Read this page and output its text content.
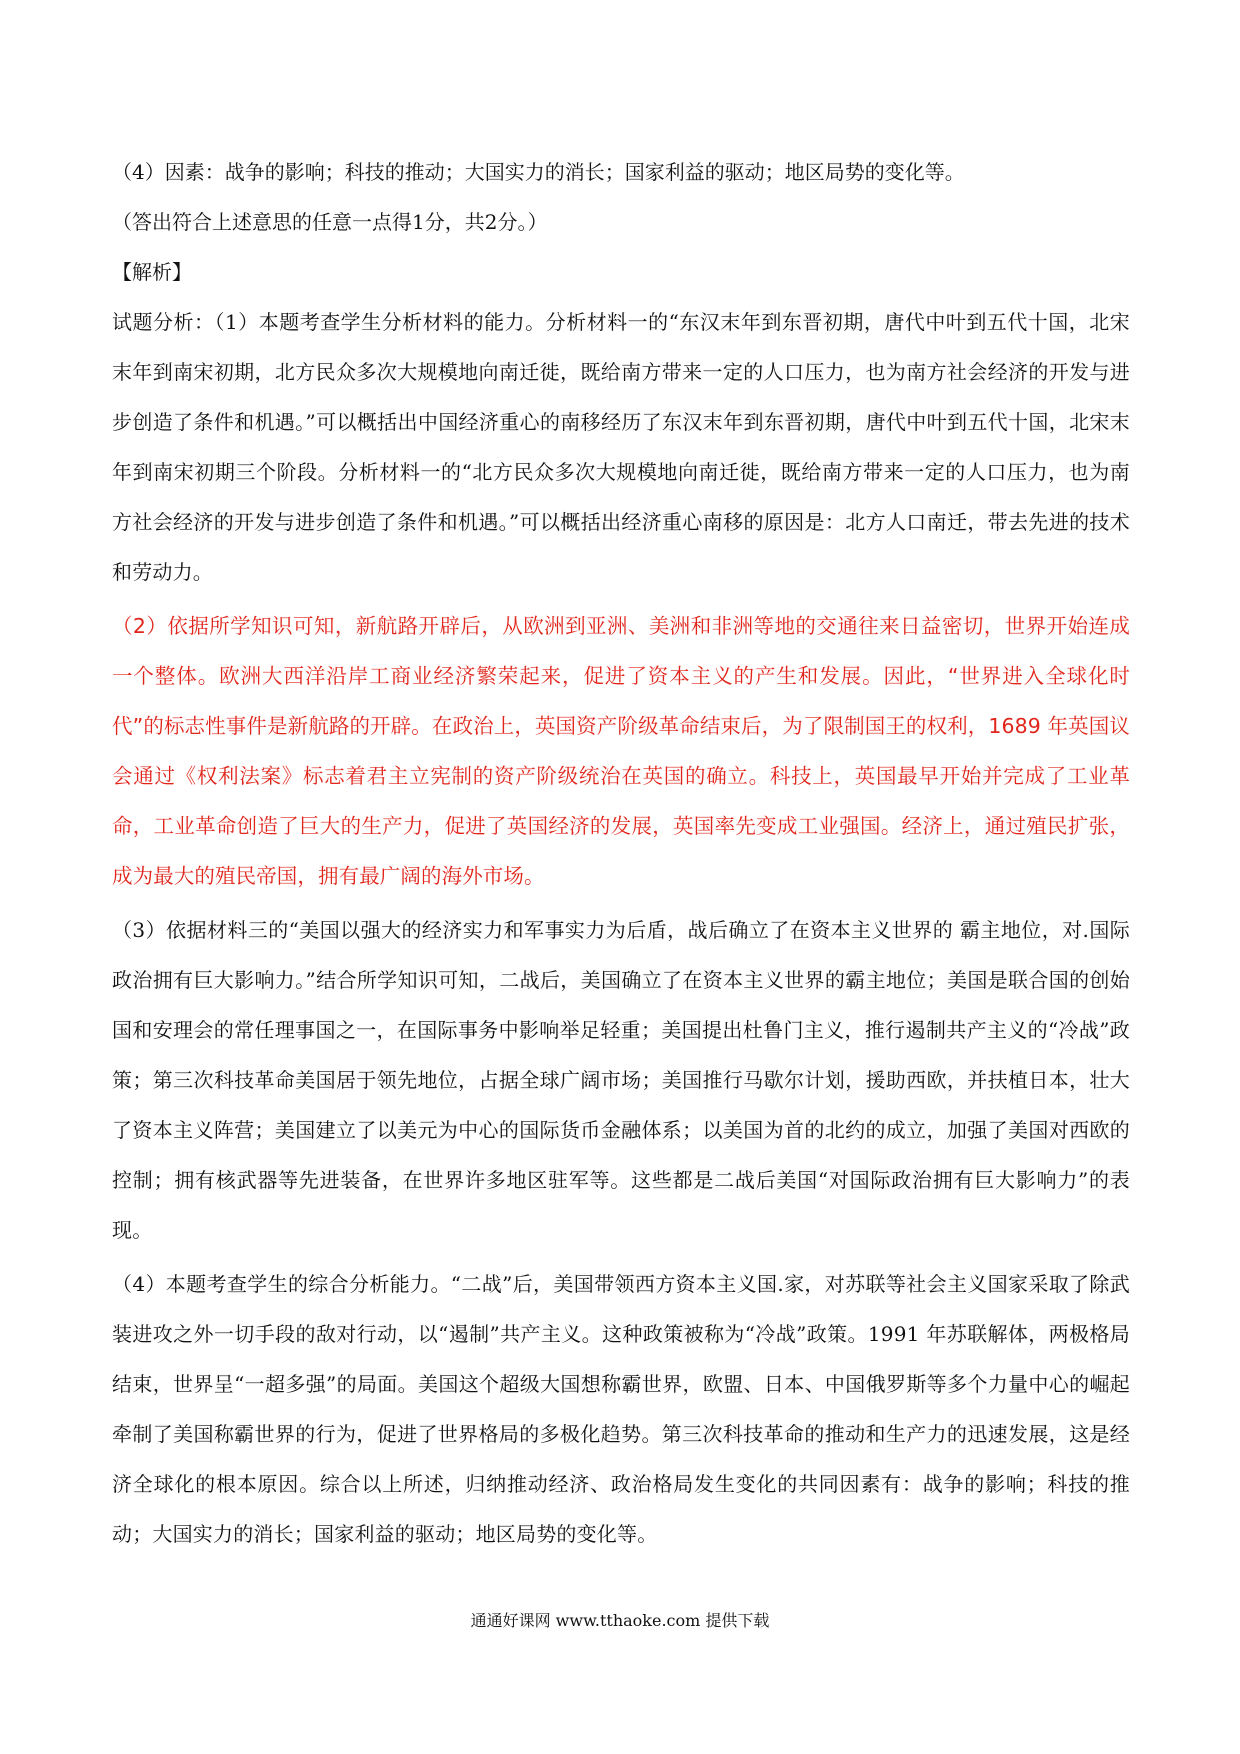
（4）因素：战争的影响；科技的推动；大国实力的消长；国家利益的驱动；地区局势的变化等。
（答出符合上述意思的任意一点得1分，共2分。）
【解析】

试题分析：（1）本题考查学生分析材料的能力。分析材料一的“东汉末年到东晋初期，唐代中叶到五代十国，北宋末年到南宋初期，北方民众多次大规模地向南迁徙，既给南方带来一定的人口压力，也为南方社会经济的开发与进步创造了条件和机遇。”可以概括出中国经济重心的南移经历了东汉末年到东晋初期，唐代中叶到五代十国，北宋末年到南宋初期三个阶段。分析材料一的“北方民众多次大规模地向南迁徙，既给南方带来一定的人口压力，也为南方社会经济的开发与进步创造了条件和机遇。”可以概括出经济重心南移的原因是：北方人口南迁，带去先进的技术和劳动力。

（2）依据所学知识可知，新航路开辟后，从欧洲到亚洲、美洲和非洲等地的交通往来日益密切，世界开始连成一个整体。欧洲大西洋沿岸工商业经济繁荣起来，促进了资本主义的产生和发展。因此，“世界进入全球化时代”的标志性事件是新航路的开辟。在政治上，英国资产阶级革命结束后，为了限制国王的权利，1689 年英国议会通过《权利法案》标志着君主立宪制的资产阶级统治在英国的确立。科技上，英国最早开始并完成了工业革命，工业革命创造了巨大的生产力，促进了英国经济的发展，英国率先变成工业强国。经济上，通过殖民扩张，成为最大的殖民帝国，拥有最广阔的海外市场。

（3）依据材料三的“美国以强大的经济实力和军事实力为后盾，战后确立了在资本主义世界的 霸主地位，对.国际政治拥有巨大影响力。”结合所学知识可知，二战后，美国确立了在资本主义世界的霸主地位；美国是联合国的创始国和安理会的常任理事国之一，在国际事务中影响举足轻重；美国提出杜鲁门主义，推行遏制共产主义的“冷战”政策；第三次科技革命美国居于领先地位，占据全球广阔市场；美国推行马歇尔计划，援助西欧，并扶植日本，壮大了资本主义阵营；美国建立了以美元为中心的国际货币金融体系；以美国为首的北约的成立，加强了美国对西欧的控制；拥有核武器等先进装备，在世界许多地区驻军等。这些都是二战后美国“对国际政治拥有巨大影响力”的表现。

（4）本题考查学生的综合分析能力。“二战”后，美国带领西方资本主义国.家，对苏联等社会主义国家采取了除武装进攻之外一切手段的敌对行动，以“遏制”共产主义。这种政策被称为“冷战”政策。1991 年苏联解体，两极格局结束，世界呈“一超多强”的局面。美国这个超级大国想称霸世界，欧盟、日本、中国俄罗斯等多个力量中心的崛起牵制了美国称霸世界的行为，促进了世界格局的多极化趋势。第三次科技革命的推动和生产力的迅速发展，这是经济全球化的根本原因。综合以上所述，归纳推动经济、政治格局发生变化的共同因素有：战争的影响；科技的推动；大国实力的消长；国家利益的驱动；地区局势的变化等。

通通好课网 www.tthaoke.com 提供下载
